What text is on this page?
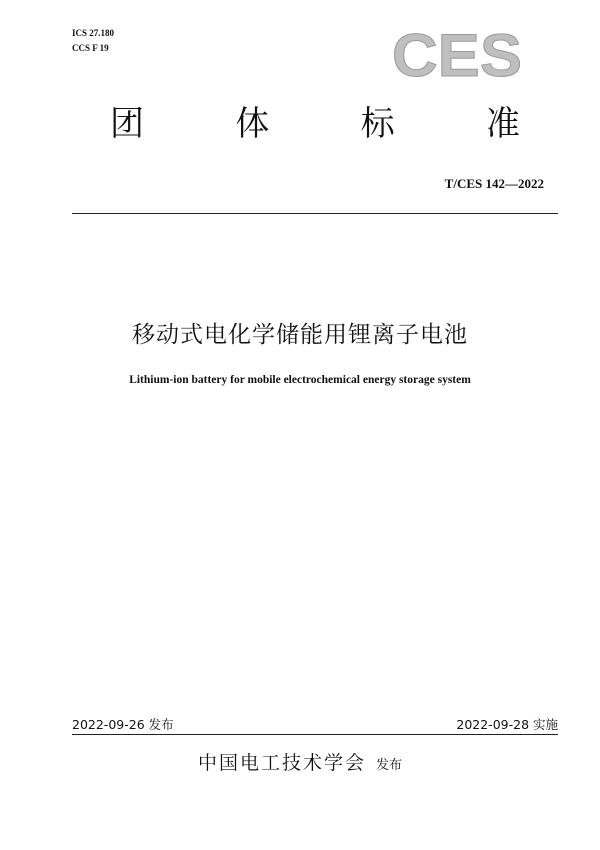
ICS 27.180
CCS F 19	CES
团	体	标	准
T/CES 142—2022
移动式电化学储能用锂离子电池
Lithium-ion battery for mobile electrochemical energy storage system
2022-09-26 发布	2022-09-28 实施
中国电工技术学会 发布
